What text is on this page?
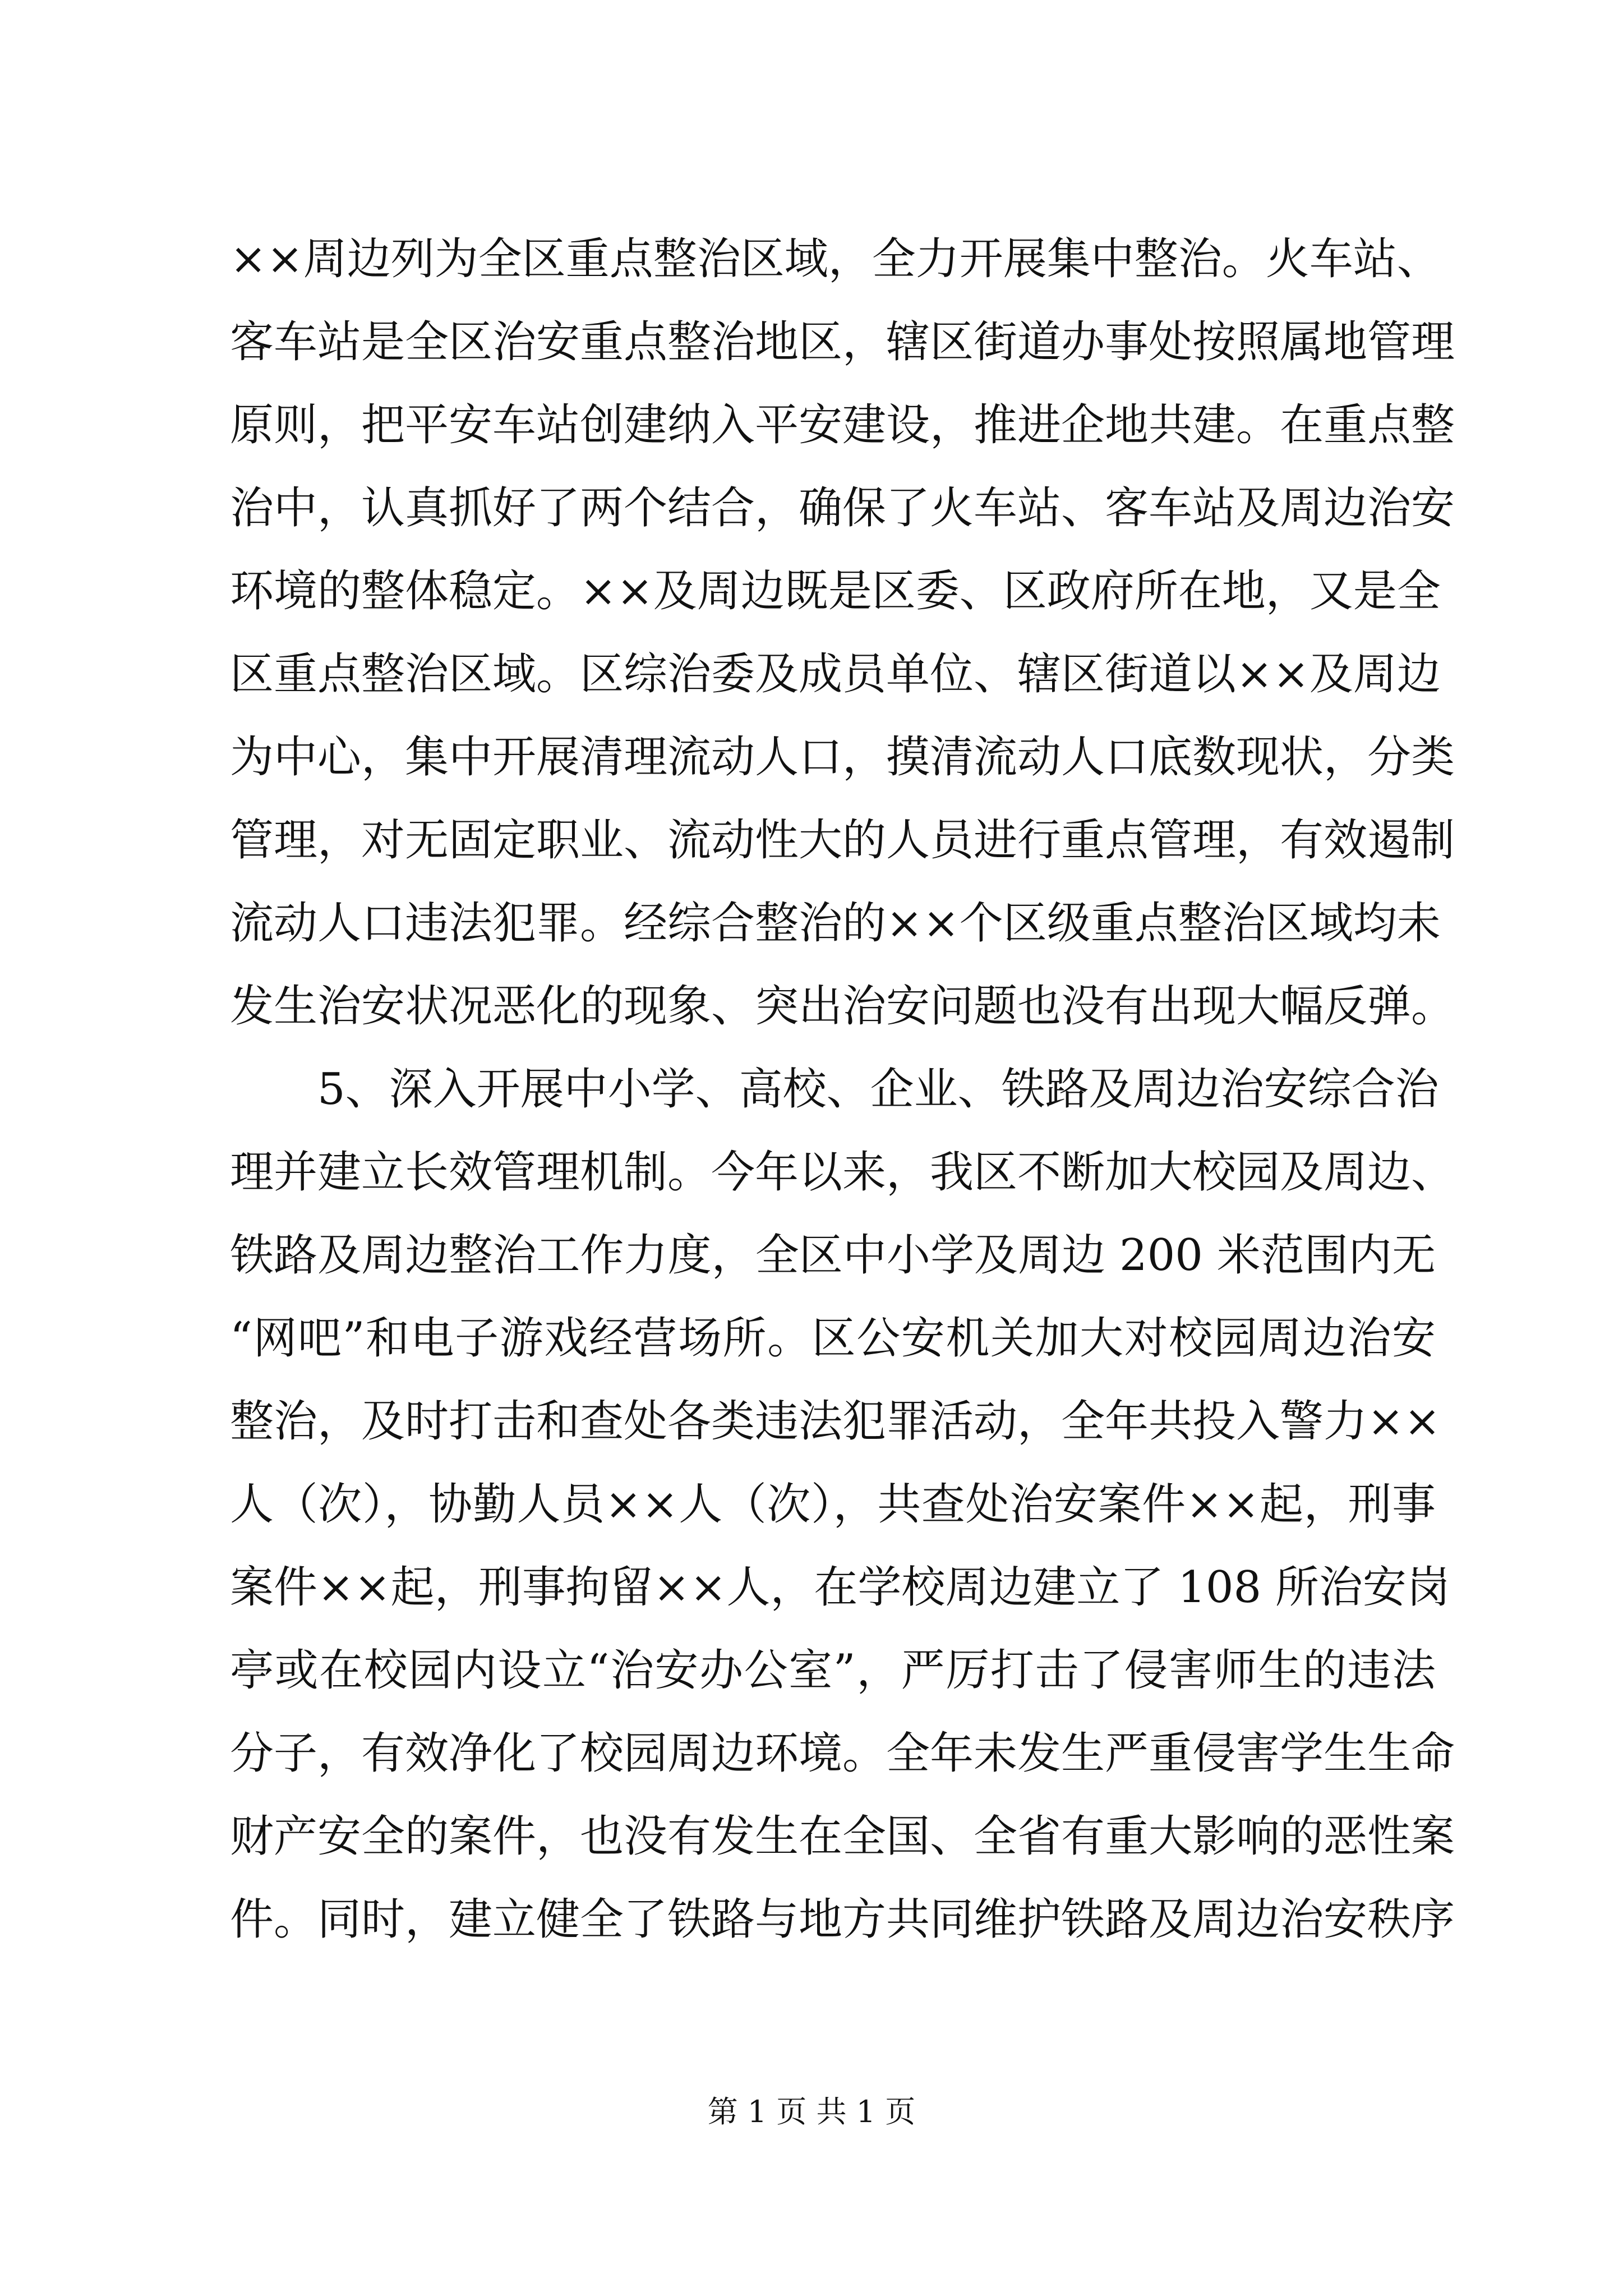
××周边列为全区重点整治区域，全力开展集中整治。火车站、
客车站是全区治安重点整治地区，辖区街道办事处按照属地管理
原则，把平安车站创建纳入平安建设，推进企地共建。在重点整
治中，认真抓好了两个结合，确保了火车站、客车站及周边治安
环境的整体稳定。××及周边既是区委、区政府所在地，又是全
区重点整治区域。区综治委及成员单位、辖区街道以××及周边
为中心，集中开展清理流动人口，摸清流动人口底数现状，分类
管理，对无固定职业、流动性大的人员进行重点管理，有效遏制
流动人口违法犯罪。经综合整治的××个区级重点整治区域均未
发生治安状况恶化的现象、突出治安问题也没有出现大幅反弹。
5、深入开展中小学、高校、企业、铁路及周边治安综合治
理并建立长效管理机制。今年以来，我区不断加大校园及周边、
铁路及周边整治工作力度，全区中小学及周边 200 米范围内无
“网吧”和电子游戏经营场所。区公安机关加大对校园周边治安
整治，及时打击和查处各类违法犯罪活动，全年共投入警力××
人（次），协勤人员××人（次），共查处治安案件××起，刑事
案件××起，刑事拘留××人，在学校周边建立了 108 所治安岗
亭或在校园内设立“治安办公室”，严厉打击了侵害师生的违法
分子，有效净化了校园周边环境。全年未发生严重侵害学生生命
财产安全的案件，也没有发生在全国、全省有重大影响的恶性案
件。同时，建立健全了铁路与地方共同维护铁路及周边治安秩序
第 1 页 共 1 页
